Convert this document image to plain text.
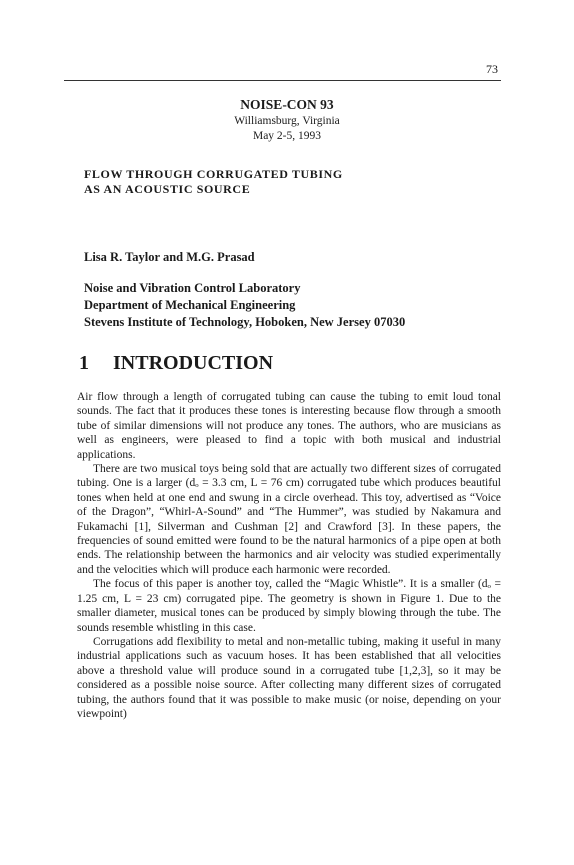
73
NOISE-CON 93
Williamsburg, Virginia
May 2-5, 1993
FLOW THROUGH CORRUGATED TUBING
AS AN ACOUSTIC SOURCE
Lisa R. Taylor and M.G. Prasad
Noise and Vibration Control Laboratory
Department of Mechanical Engineering
Stevens Institute of Technology, Hoboken, New Jersey 07030
1 INTRODUCTION

Air flow through a length of corrugated tubing can cause the tubing to emit loud tonal sounds. The fact that it produces these tones is interesting because flow through a smooth tube of similar dimensions will not produce any tones. The authors, who are musicians as well as engineers, were pleased to find a topic with both musical and industrial applications.

There are two musical toys being sold that are actually two different sizes of corrugated tubing. One is a larger (dₒ = 3.3 cm, L = 76 cm) corrugated tube which produces beautiful tones when held at one end and swung in a circle overhead. This toy, advertised as “Voice of the Dragon”, “Whirl-A-Sound” and “The Hummer”, was studied by Nakamura and Fukamachi [1], Silverman and Cushman [2] and Crawford [3]. In these papers, the frequencies of sound emitted were found to be the natural harmonics of a pipe open at both ends. The relationship between the harmonics and air velocity was studied experimentally and the velocities which will produce each harmonic were recorded.

The focus of this paper is another toy, called the “Magic Whistle”. It is a smaller (dₒ = 1.25 cm, L = 23 cm) corrugated pipe. The geometry is shown in Figure 1. Due to the smaller diameter, musical tones can be produced by simply blowing through the tube. The sounds resemble whistling in this case.

Corrugations add flexibility to metal and non-metallic tubing, making it useful in many industrial applications such as vacuum hoses. It has been established that all velocities above a threshold value will produce sound in a corrugated tube [1,2,3], so it may be considered as a possible noise source. After collecting many different sizes of corrugated tubing, the authors found that it was possible to make music (or noise, depending on your viewpoint)
